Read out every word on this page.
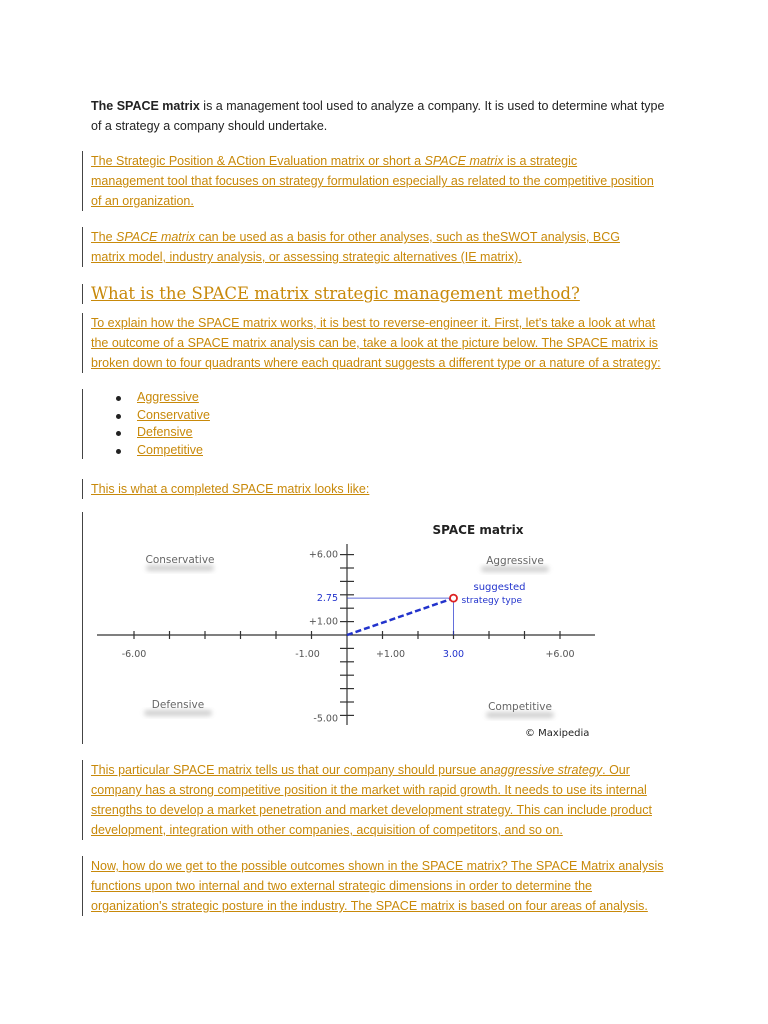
The SPACE matrix is a management tool used to analyze a company. It is used to determine what type
of a strategy a company should undertake.

The Strategic Position & ACtion Evaluation matrix or short a SPACE matrix is a strategic
management tool that focuses on strategy formulation especially as related to the competitive position
of an organization.

The SPACE matrix can be used as a basis for other analyses, such as theSWOT analysis, BCG
matrix model, industry analysis, or assessing strategic alternatives (IE matrix).

What is the SPACE matrix strategic management method?

To explain how the SPACE matrix works, it is best to reverse-engineer it. First, let's take a look at what
the outcome of a SPACE matrix analysis can be, take a look at the picture below. The SPACE matrix is
broken down to four quadrants where each quadrant suggests a different type or a nature of a strategy:

Aggressive
Conservative
Defensive
Competitive

This is what a completed SPACE matrix looks like:

SPACE matrix
-6.00	-1.00	+1.00	3.00	+6.00
+6.00
2.75
+1.00
-5.00
Conservative	Aggressive
Defensive	Competitive
suggested
strategy type
© Maxipedia

This particular SPACE matrix tells us that our company should pursue anaggressive strategy. Our
company has a strong competitive position it the market with rapid growth. It needs to use its internal
strengths to develop a market penetration and market development strategy. This can include product
development, integration with other companies, acquisition of competitors, and so on.

Now, how do we get to the possible outcomes shown in the SPACE matrix? The SPACE Matrix analysis
functions upon two internal and two external strategic dimensions in order to determine the
organization's strategic posture in the industry. The SPACE matrix is based on four areas of analysis.
